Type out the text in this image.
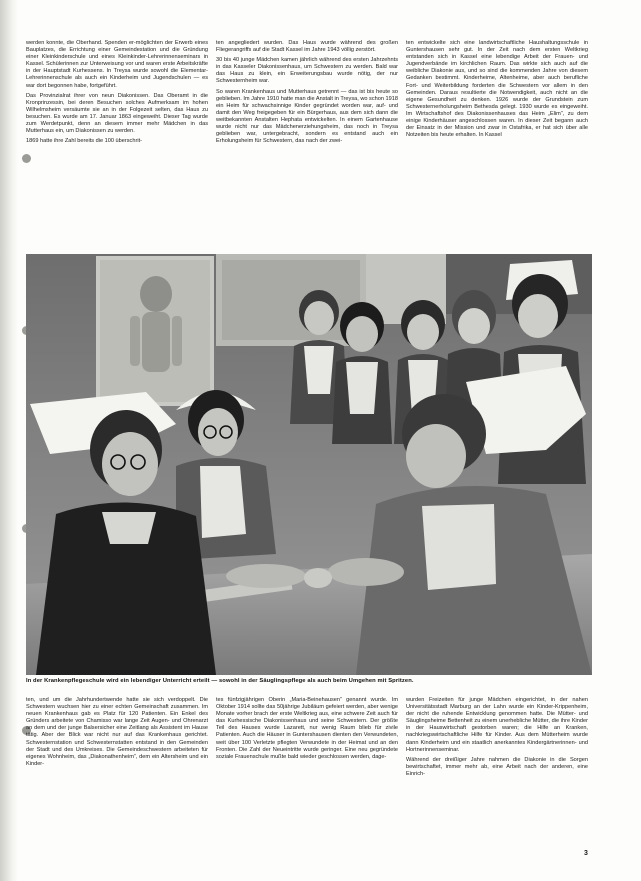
werden konnte, die Oberhand. Spenden er-möglichten der Erwerb eines Bauplatzes, die Errichtung einer Gemeindestation und die Gründung einer Kleinkinderschule und eines Kleinkinder-Lehrerinnenseminars in Kassel. Schülerinnen zur Unterweisung vor und waren erste Arbeitskräfte in der Hauptstadt Kurhessens. In Treysa wurde sowohl die Elementar-Lehrerinnenschule als auch ein Kinderheim und Jugendschulen — es war dort begonnen habe, fortgeführt.

Das Provinzialrat ihrer von neun Diakonissen. Das Oberamt in die Kronprinzessin, bei deren Besuchen solches Aufmerksam im hohen Wilhelmsheim versäumte sie an in der Folgezeit selten, das Haus zu besuchen. Es wurde am 17. Januar 1863 eingeweiht. Dieser Tag wurde zum Werdetpunkt, denn an diesem immer mehr Mädchen in das Mutterhaus ein, um Diakonissen zu werden.

1869 hatte ihre Zahl bereits die 100 überschrit-

ten angegliedert wurden. Das Haus wurde während des großen Fliegerangriffs auf die Stadt Kassel im Jahre 1943 völlig zerstört.

30 bis 40 junge Mädchen kamen jährlich während des ersten Jahrzehnts in das Kasseler Diakonissenhaus, um Schwestern zu werden. Bald war das Haus zu klein, ein Erweiterungsbau wurde nötig, der nur Schwesternheim war.

So waren Krankenhaus und Mutterhaus getrennt — das ist bis heute so geblieben. Im Jahre 1910 hatte man die Anstalt in Treysa, wo schon 1918 ein Heim für schwachsinnige Kinder gegründet worden war, auf- und damit den Weg freigegeben für ein Bürgerhaus, aus dem sich dann die weitbekannten Anstalten Hephata entwickelten. In einem Gartenhause wurde nicht nur das Mädchenerziehungsheim, das noch in Treysa geblieben war, untergebracht, sondern es entstand auch ein Erholungsheim für Schwestern, das nach der zwei-

ten entwickelte sich eine landwirtschaftliche Haushaltungsschule in Guntershausen sehr gut. In der Zeit nach dem ersten Weltkrieg entstanden sich in Kassel eine lebendige Arbeit der Frauen- und Jugendverbände im kirchlichen Raum. Das wirkte sich auch auf die weibliche Diakonie aus, und so sind die kommenden Jahre von diesem Gedanken bestimmt. Kinderheime, Altenheime, aber auch berufliche Fort- und Weiterbildung forderten die Schwestern vor allem in den Gemeinden. Daraus resultierte die Notwendigkeit, auch nicht an die eigene Gesundheit zu denken. 1926 wurde der Grundstein zum Schwesternerholungsheim Bethesda gelegt. 1930 wurde es eingeweiht. Im Wirtschaftshof des Diakonissenhauses das Heim „Elim“, zu dem einige Kinderhäuser angeschlossen waren. In dieser Zeit begann auch der Einsatz in der Mission und zwar in Ostafrika, er hat sich über alle Notzeiten bis heute erhalten. In Kassel

In der Krankenpflegeschule wird ein lebendiger Unterricht erteilt — sowohl in der Säuglingspflege als auch beim Umgehen mit Spritzen.

ten, und um die Jahrhundertwende hatte sie sich verdoppelt. Die Schwestern wuchsen hier zu einer echten Gemeinschaft zusammen. Im neuen Krankenhaus gab es Platz für 120 Patienten. Ein Enkel des Gründers arbeitete von Chamisso war lange Zeit Augen- und Ohrenarzt an dem und der junge Balsersicher eine Zeitlang als Assistent im Hause tätig. Aber der Blick war nicht nur auf das Krankenhaus gerichtet. Schwesternstation und Schwesternstatten entstand in den Gemeinden der Stadt und des Umkreises. Die Gemeindeschwestern arbeiteten für eigenes Wohnheim, das „Diakonathenheim“, dem ein Altersheim und ein Kinder-

tes fünfzigjährigen Oberin „Maria-Beinehausen“ genannt wurde. Im Oktober 1914 sollte das 50jährige Jubiläum gefeiert werden, aber wenige Monate vorher brach der erste Weltkrieg aus, eine schwere Zeit auch für das Kurhessische Diakonissenhaus und seine Schwestern. Der größte Teil des Hauses wurde Lazarett, nur wenig Raum blieb für zivile Patienten. Auch die Häuser in Guntershausen dienten den Verwundeten, weit über 100 Verletzte pflegten Verwundete in der Heimat und an den Fronten. Die Zahl der Neueintritte wurde geringer. Eine neu gegründete soziale Frauenschule mußte bald wieder geschlossen werden, dage-

wurden Freizeiten für junge Mädchen eingerichtet, in der nahen Universitätsstadt Marburg an der Lahn wurde ein Kinder-Krippenheim, der nicht die ruhende Entwicklung genommen hatte. Die Mütter- und Säuglingsheime Bettenheit zu einem unerhebliche Mütter, die ihre Kinder in der Hauswirtschaft gestorben waren; die Hilfe an Kranken, nachkriegswirtschaftliche Hilfe für Kinder. Aus dem Mütterheim wurde dann Kinderheim und ein staatlich anerkanntes Kindergärtnerinnen- und Hortnerinnenseminar.

Während der dreißiger Jahre nahmen die Diakonie in die Sorgen bewirtschaftet, immer mehr ab, eine Arbeit nach der anderen, eine Einrich-

3
